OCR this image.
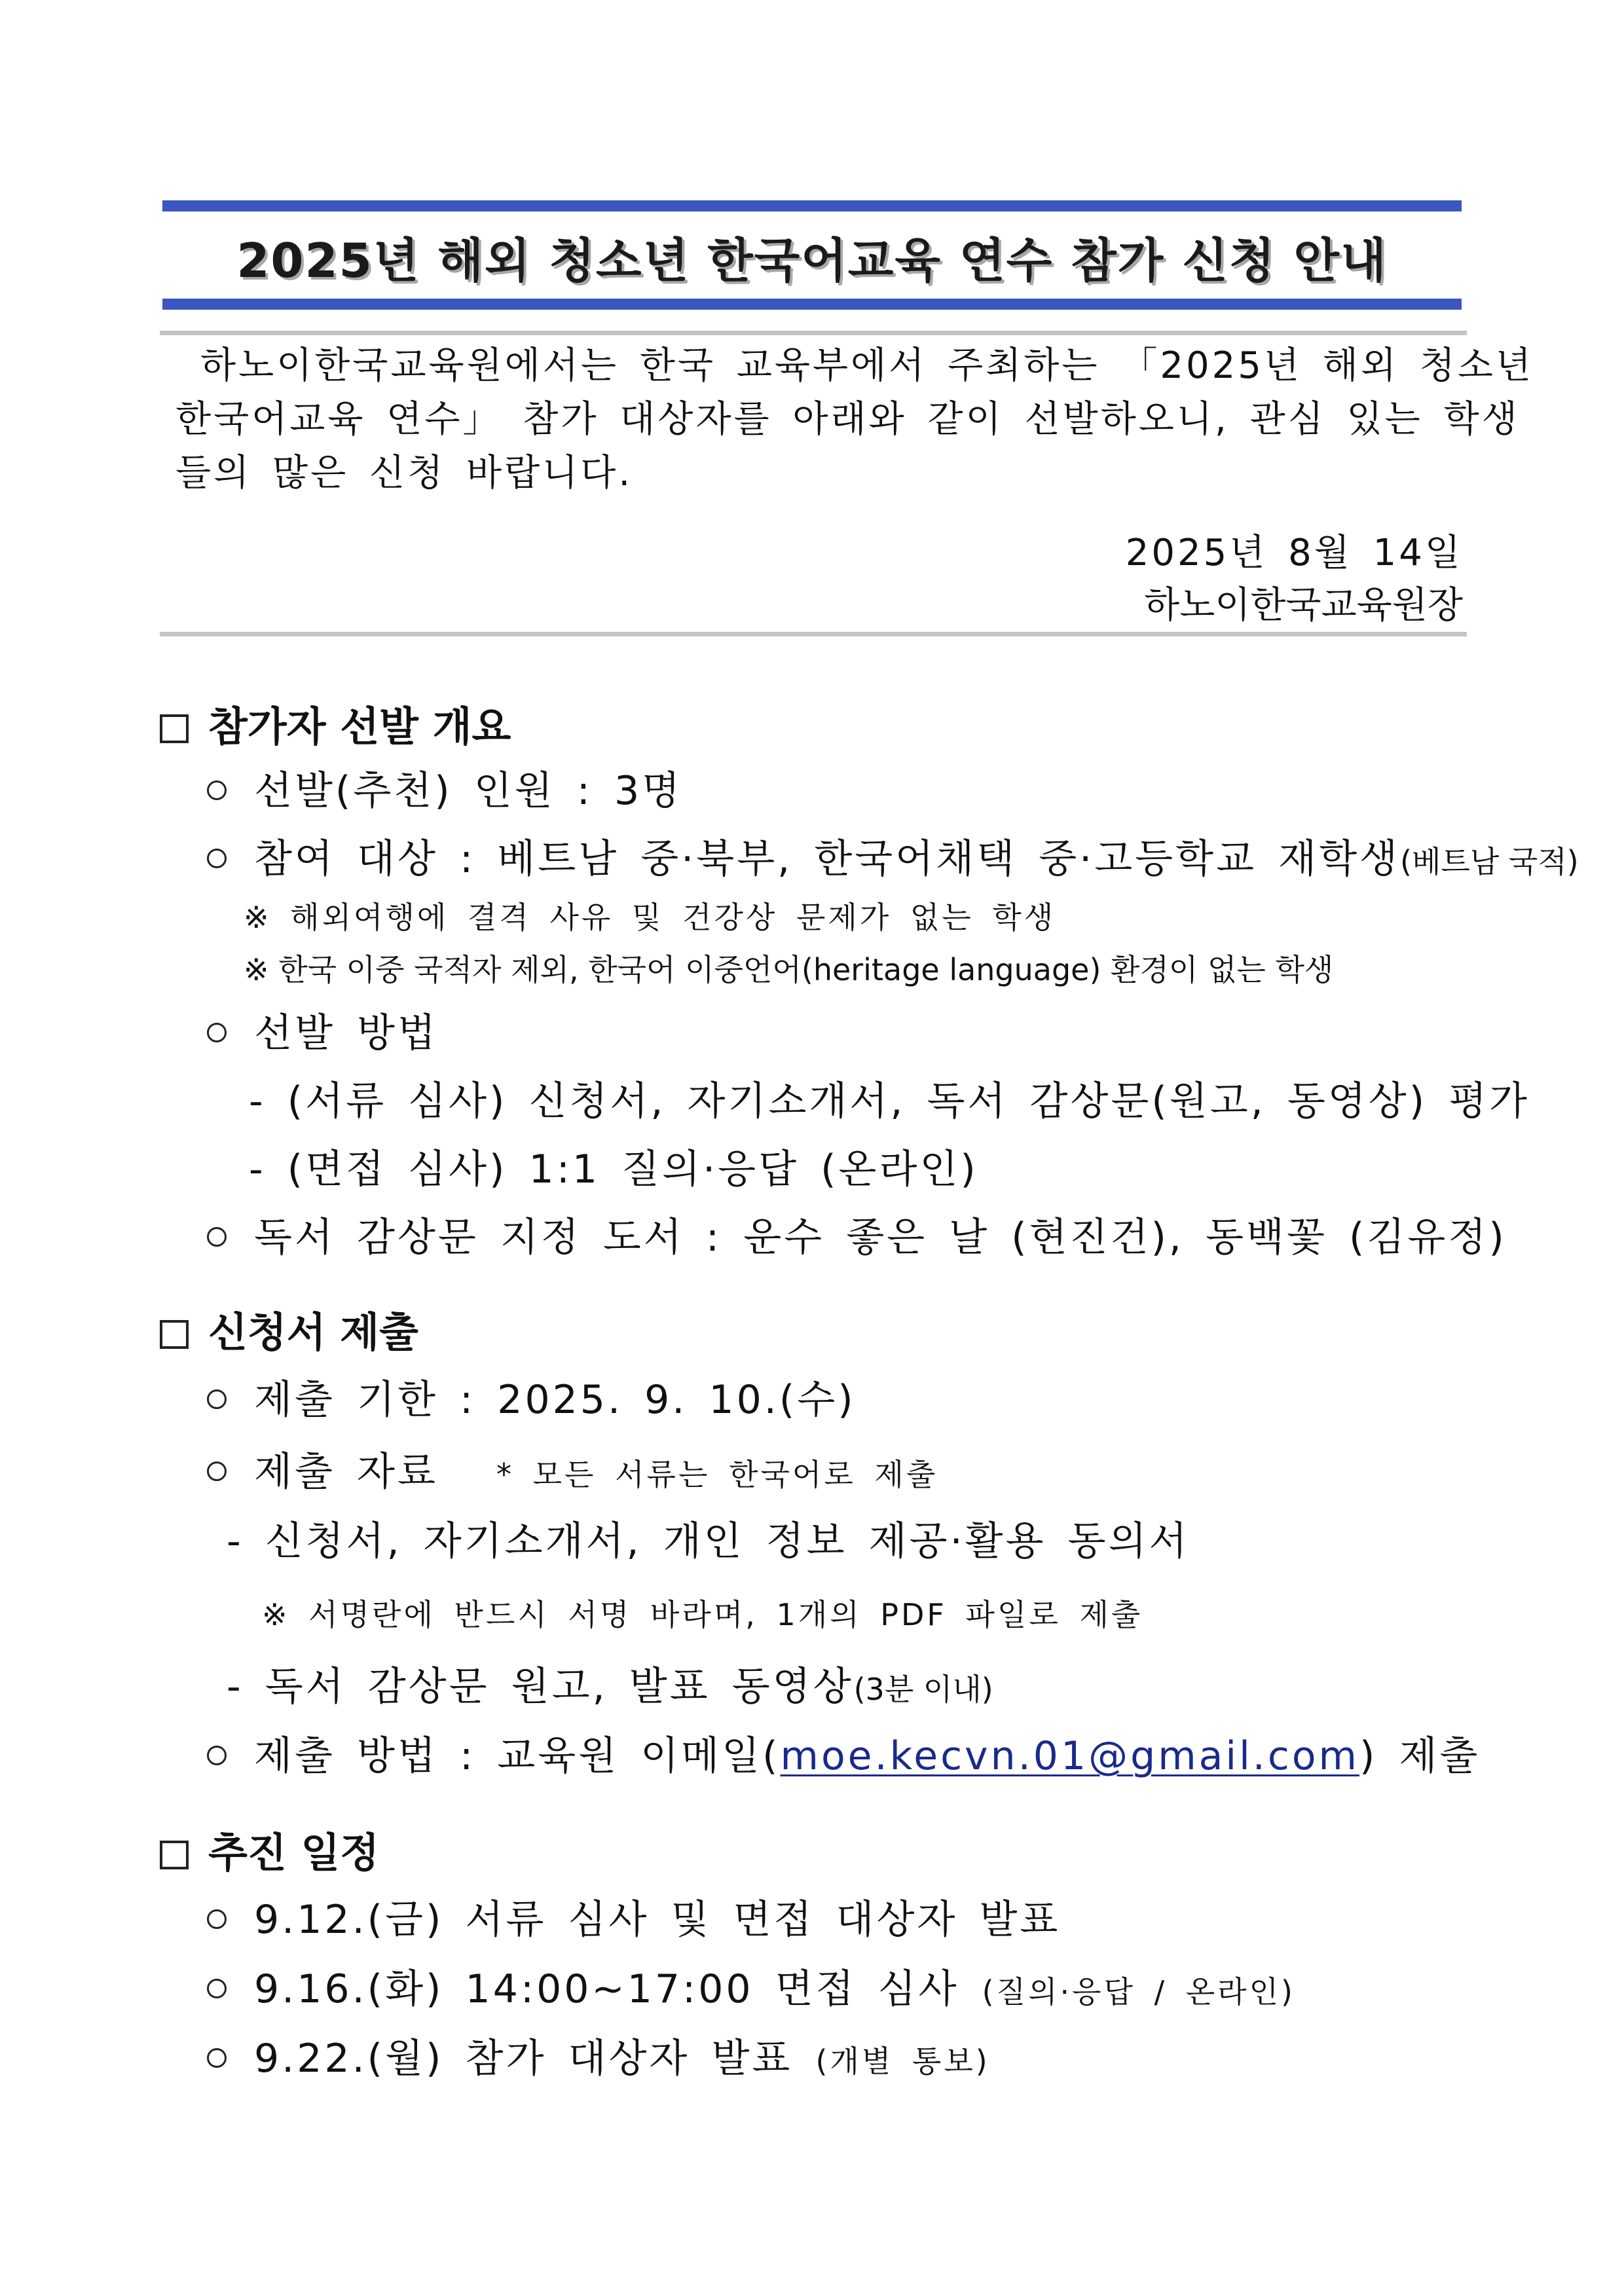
2025년 해외 청소년 한국어교육 연수 참가 신청 안내
하노이한국교육원에서는 한국 교육부에서 주최하는 「2025년 해외 청소년
한국어교육 연수」 참가 대상자를 아래와 같이 선발하오니, 관심 있는 학생
들의 많은 신청 바랍니다.
2025년 8월 14일
하노이한국교육원장
참가자 선발 개요
선발(추천) 인원 : 3명
참여 대상 : 베트남 중·북부, 한국어채택 중·고등학교 재학생(베트남 국적)
※ 해외여행에 결격 사유 및 건강상 문제가 없는 학생
※ 한국 이중 국적자 제외, 한국어 이중언어(heritage language) 환경이 없는 학생
선발 방법
- (서류 심사) 신청서, 자기소개서, 독서 감상문(원고, 동영상) 평가
- (면접 심사) 1:1 질의·응답 (온라인)
독서 감상문 지정 도서 : 운수 좋은 날 (현진건), 동백꽃 (김유정)
신청서 제출
제출 기한 : 2025. 9. 10.(수)
제출 자료 * 모든 서류는 한국어로 제출
- 신청서, 자기소개서, 개인 정보 제공·활용 동의서
※ 서명란에 반드시 서명 바라며, 1개의 PDF 파일로 제출
- 독서 감상문 원고, 발표 동영상(3분 이내)
제출 방법 : 교육원 이메일(moe.kecvn.01@gmail.com) 제출
추진 일정
9.12.(금) 서류 심사 및 면접 대상자 발표
9.16.(화) 14:00~17:00 면접 심사 (질의·응답 / 온라인)
9.22.(월) 참가 대상자 발표 (개별 통보)
